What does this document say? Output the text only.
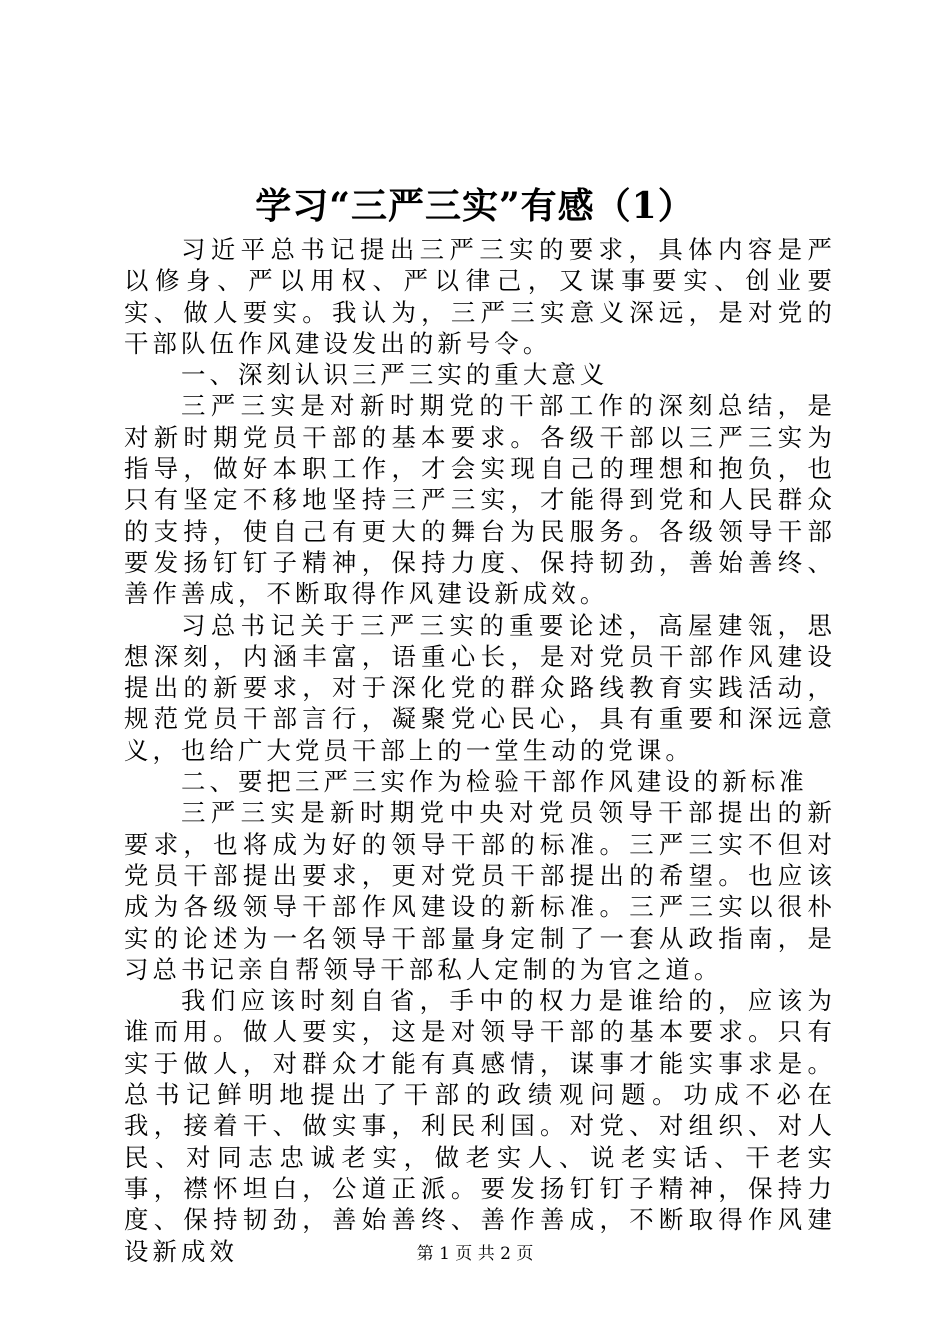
学习“三严三实”有感（1）

习近平总书记提出三严三实的要求，具体内容是严以修身、严以用权、严以律己，又谋事要实、创业要实、做人要实。我认为，三严三实意义深远，是对党的干部队伍作风建设发出的新号令。

一、深刻认识三严三实的重大意义

三严三实是对新时期党的干部工作的深刻总结，是对新时期党员干部的基本要求。各级干部以三严三实为指导，做好本职工作，才会实现自己的理想和抱负，也只有坚定不移地坚持三严三实，才能得到党和人民群众的支持，使自己有更大的舞台为民服务。各级领导干部要发扬钉钉子精神，保持力度、保持韧劲，善始善终、善作善成，不断取得作风建设新成效。

习总书记关于三严三实的重要论述，高屋建瓴，思想深刻，内涵丰富，语重心长，是对党员干部作风建设提出的新要求，对于深化党的群众路线教育实践活动，规范党员干部言行，凝聚党心民心，具有重要和深远意义，也给广大党员干部上的一堂生动的党课。

二、要把三严三实作为检验干部作风建设的新标准

三严三实是新时期党中央对党员领导干部提出的新要求，也将成为好的领导干部的标准。三严三实不但对党员干部提出要求，更对党员干部提出的希望。也应该成为各级领导干部作风建设的新标准。三严三实以很朴实的论述为一名领导干部量身定制了一套从政指南，是习总书记亲自帮领导干部私人定制的为官之道。

我们应该时刻自省，手中的权力是谁给的，应该为谁而用。做人要实，这是对领导干部的基本要求。只有实于做人，对群众才能有真感情，谋事才能实事求是。总书记鲜明地提出了干部的政绩观问题。功成不必在我，接着干、做实事，利民利国。对党、对组织、对人民、对同志忠诚老实，做老实人、说老实话、干老实事，襟怀坦白，公道正派。要发扬钉钉子精神，保持力度、保持韧劲，善始善终、善作善成，不断取得作风建设新成效	第 1 页 共 2 页
